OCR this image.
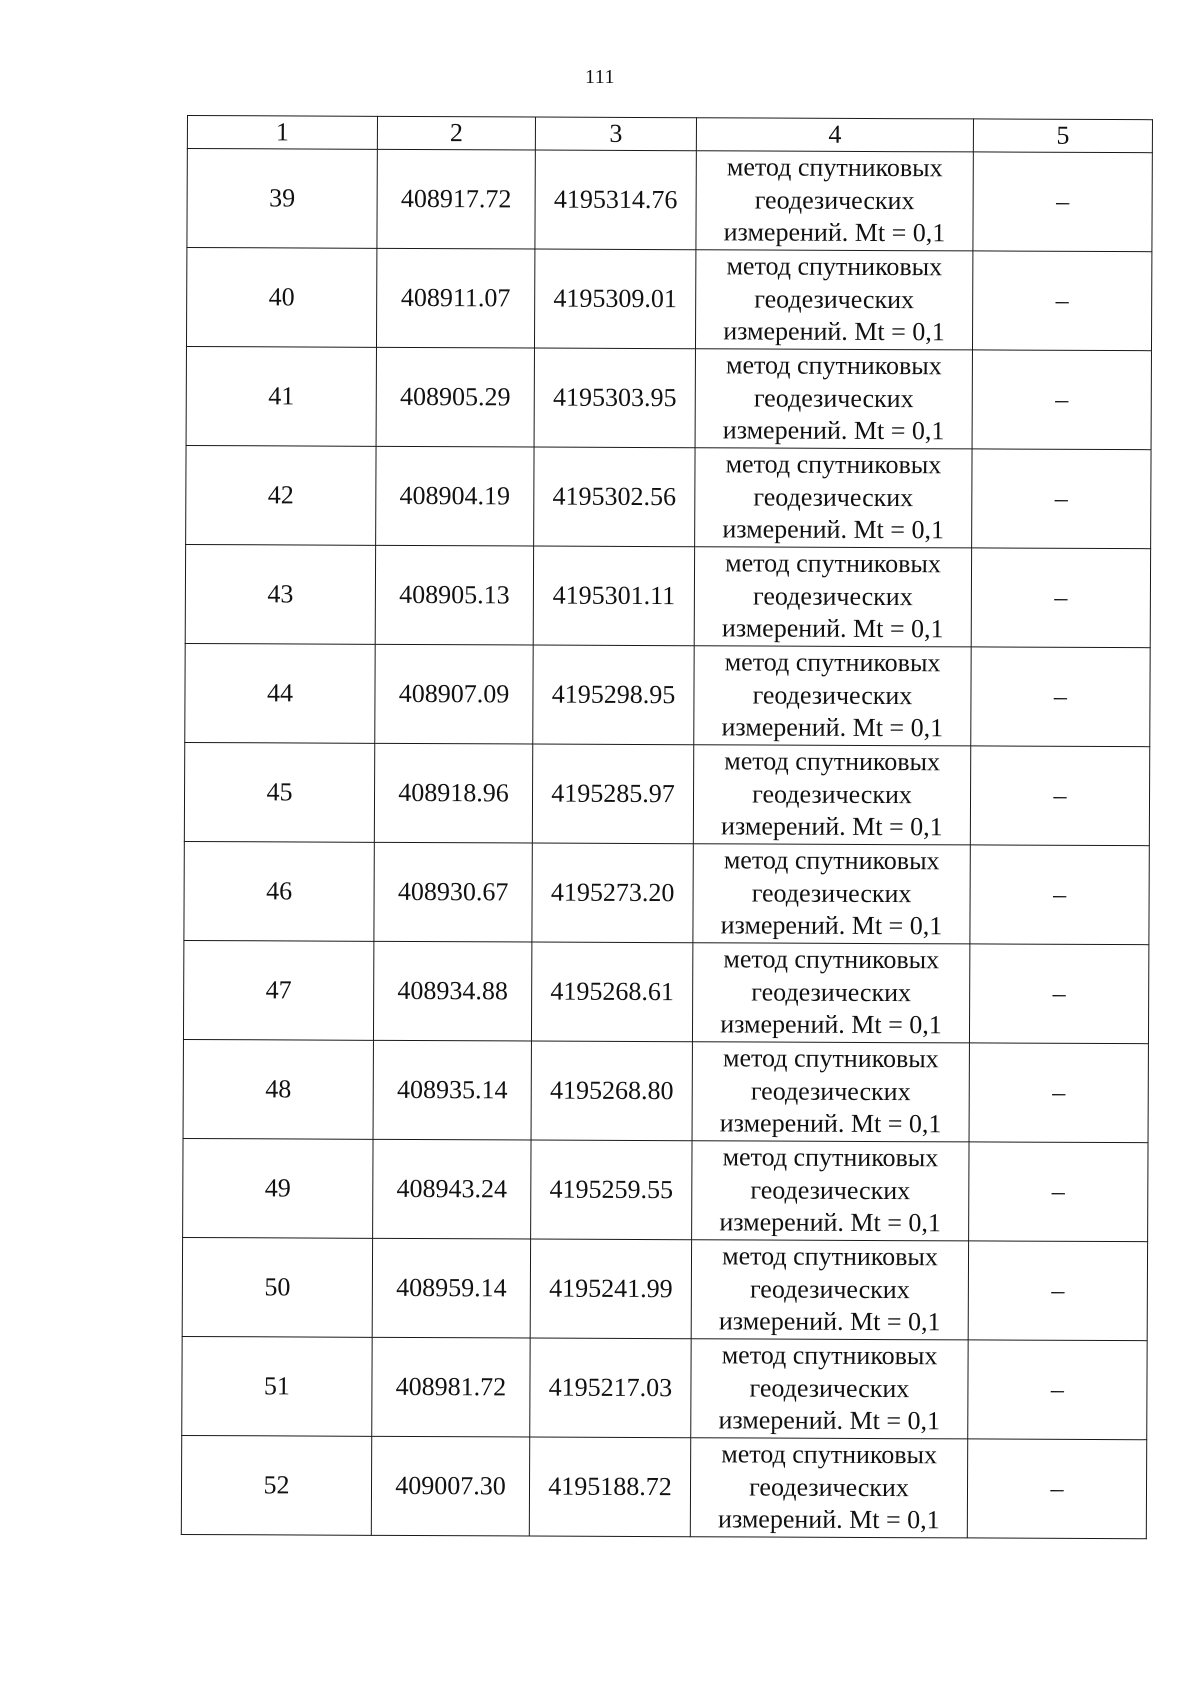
111
1	2	3	4	5
39	408917.72	4195314.76	метод спутниковых
геодезических
измерений. Mt = 0,1	–
40	408911.07	4195309.01	метод спутниковых
геодезических
измерений. Mt = 0,1	–
41	408905.29	4195303.95	метод спутниковых
геодезических
измерений. Mt = 0,1	–
42	408904.19	4195302.56	метод спутниковых
геодезических
измерений. Mt = 0,1	–
43	408905.13	4195301.11	метод спутниковых
геодезических
измерений. Mt = 0,1	–
44	408907.09	4195298.95	метод спутниковых
геодезических
измерений. Mt = 0,1	–
45	408918.96	4195285.97	метод спутниковых
геодезических
измерений. Mt = 0,1	–
46	408930.67	4195273.20	метод спутниковых
геодезических
измерений. Mt = 0,1	–
47	408934.88	4195268.61	метод спутниковых
геодезических
измерений. Mt = 0,1	–
48	408935.14	4195268.80	метод спутниковых
геодезических
измерений. Mt = 0,1	–
49	408943.24	4195259.55	метод спутниковых
геодезических
измерений. Mt = 0,1	–
50	408959.14	4195241.99	метод спутниковых
геодезических
измерений. Mt = 0,1	–
51	408981.72	4195217.03	метод спутниковых
геодезических
измерений. Mt = 0,1	–
52	409007.30	4195188.72	метод спутниковых
геодезических
измерений. Mt = 0,1	–
